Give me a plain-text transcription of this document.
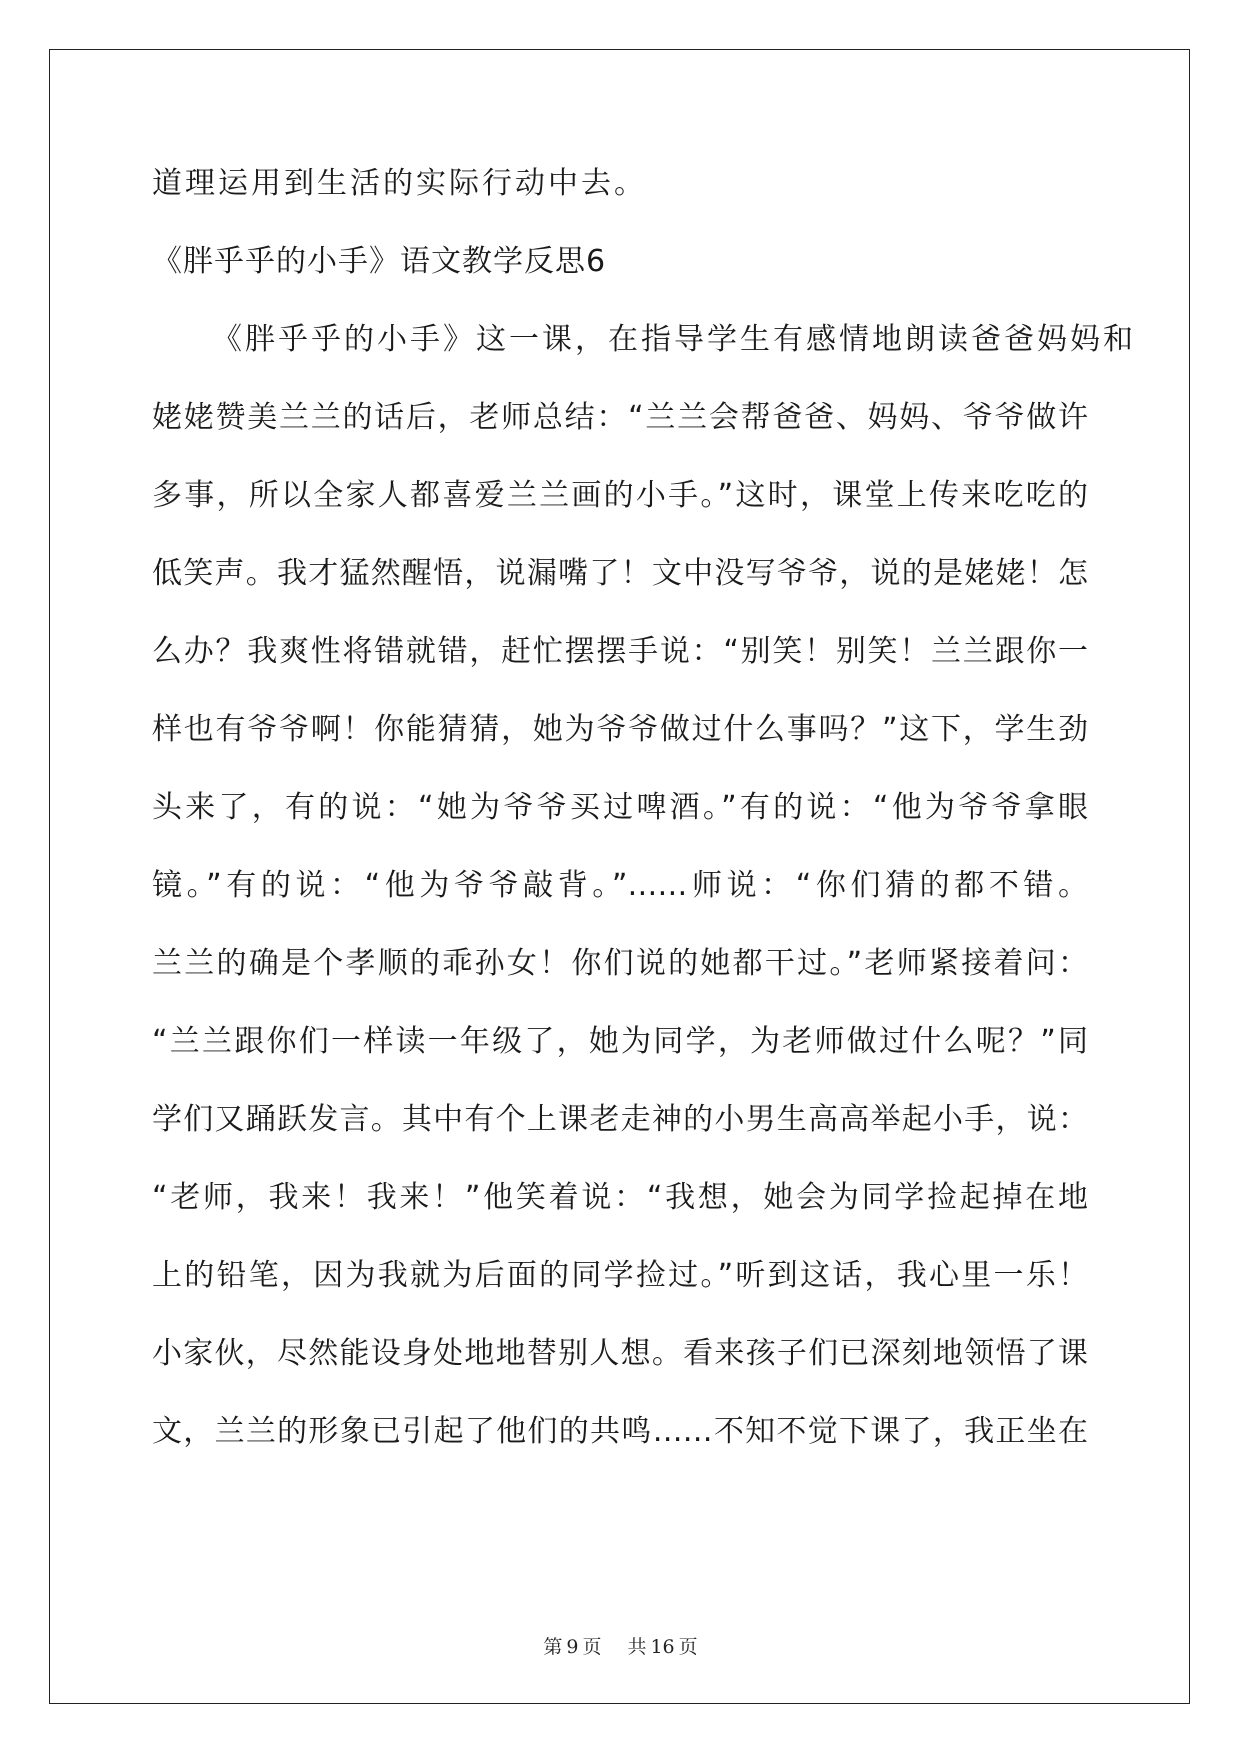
道理运用到生活的实际行动中去。
《胖乎乎的小手》语文教学反思6
《胖乎乎的小手》这一课，在指导学生有感情地朗读爸爸妈妈和
姥姥赞美兰兰的话后，老师总结：“兰兰会帮爸爸、妈妈、爷爷做许
多事，所以全家人都喜爱兰兰画的小手。”这时，课堂上传来吃吃的
低笑声。我才猛然醒悟，说漏嘴了！文中没写爷爷，说的是姥姥！怎
么办？我爽性将错就错，赶忙摆摆手说：“别笑！别笑！兰兰跟你一
样也有爷爷啊！你能猜猜，她为爷爷做过什么事吗？”这下，学生劲
头来了，有的说：“她为爷爷买过啤酒。”有的说：“他为爷爷拿眼
镜。”有的说：“他为爷爷敲背。”……师说：“你们猜的都不错。
兰兰的确是个孝顺的乖孙女！你们说的她都干过。”老师紧接着问：
“兰兰跟你们一样读一年级了，她为同学，为老师做过什么呢？”同
学们又踊跃发言。其中有个上课老走神的小男生高高举起小手，说：
“老师，我来！我来！”他笑着说：“我想，她会为同学捡起掉在地
上的铅笔，因为我就为后面的同学捡过。”听到这话，我心里一乐！
小家伙，尽然能设身处地地替别人想。看来孩子们已深刻地领悟了课
文，兰兰的形象已引起了他们的共鸣……不知不觉下课了，我正坐在
第 9 页 共 16 页
